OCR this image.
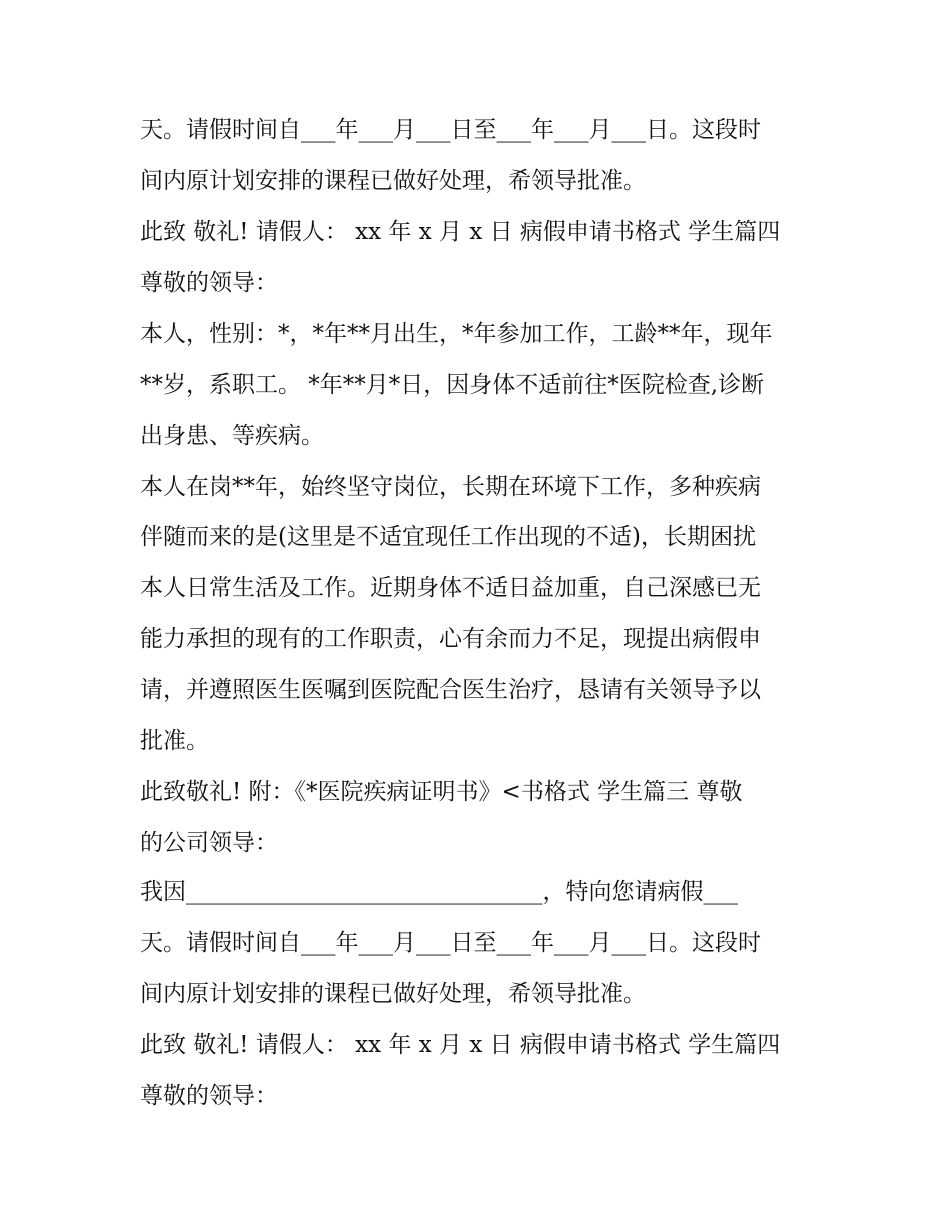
天。请假时间自___年___月___日至___年___月___日。这段时
间内原计划安排的课程已做好处理，希领导批准。
此致 敬礼! 请假人： xx 年 x 月 x 日 病假申请书格式 学生篇四
尊敬的领导：
本人，性别：*，*年**月出生，*年参加工作，工龄**年，现年
**岁，系职工。 *年**月*日，因身体不适前往*医院检查,诊断
出身患、等疾病。
本人在岗**年，始终坚守岗位，长期在环境下工作，多种疾病
伴随而来的是(这里是不适宜现任工作出现的不适)，长期困扰
本人日常生活及工作。近期身体不适日益加重，自己深感已无
能力承担的现有的工作职责，心有余而力不足，现提出病假申
请，并遵照医生医嘱到医院配合医生治疗，恳请有关领导予以
批准。
此致敬礼! 附：《*医院疾病证明书》<书格式 学生篇三 尊敬
的公司领导：
我因_______________________________，特向您请病假___
天。请假时间自___年___月___日至___年___月___日。这段时
间内原计划安排的课程已做好处理，希领导批准。
此致 敬礼! 请假人： xx 年 x 月 x 日 病假申请书格式 学生篇四
尊敬的领导：
